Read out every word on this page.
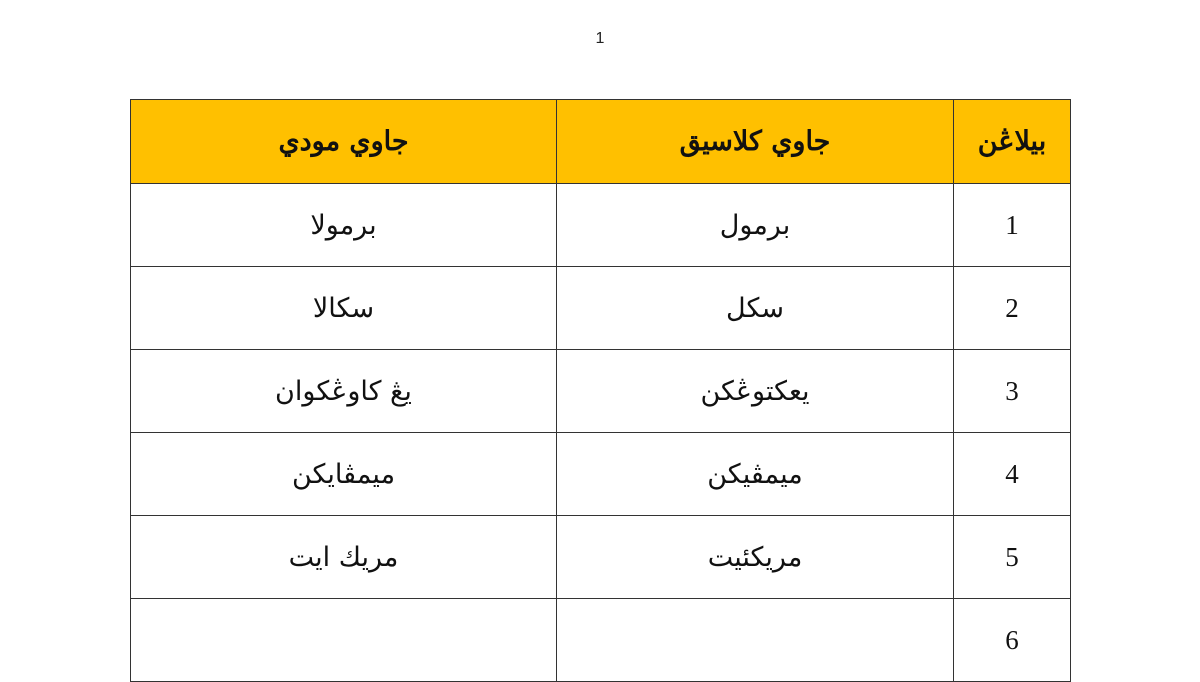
1
جاوي مودي	جاوي كلاسيق	بيلاڠن
برمولا	برمول	1
سکالا	سکل	2
يڠ کاوڠکوان	يعکتوڠکن	3
ميمڤايکن	ميمڤيکن	4
مريك ايت	مريکئيت	5
		6
